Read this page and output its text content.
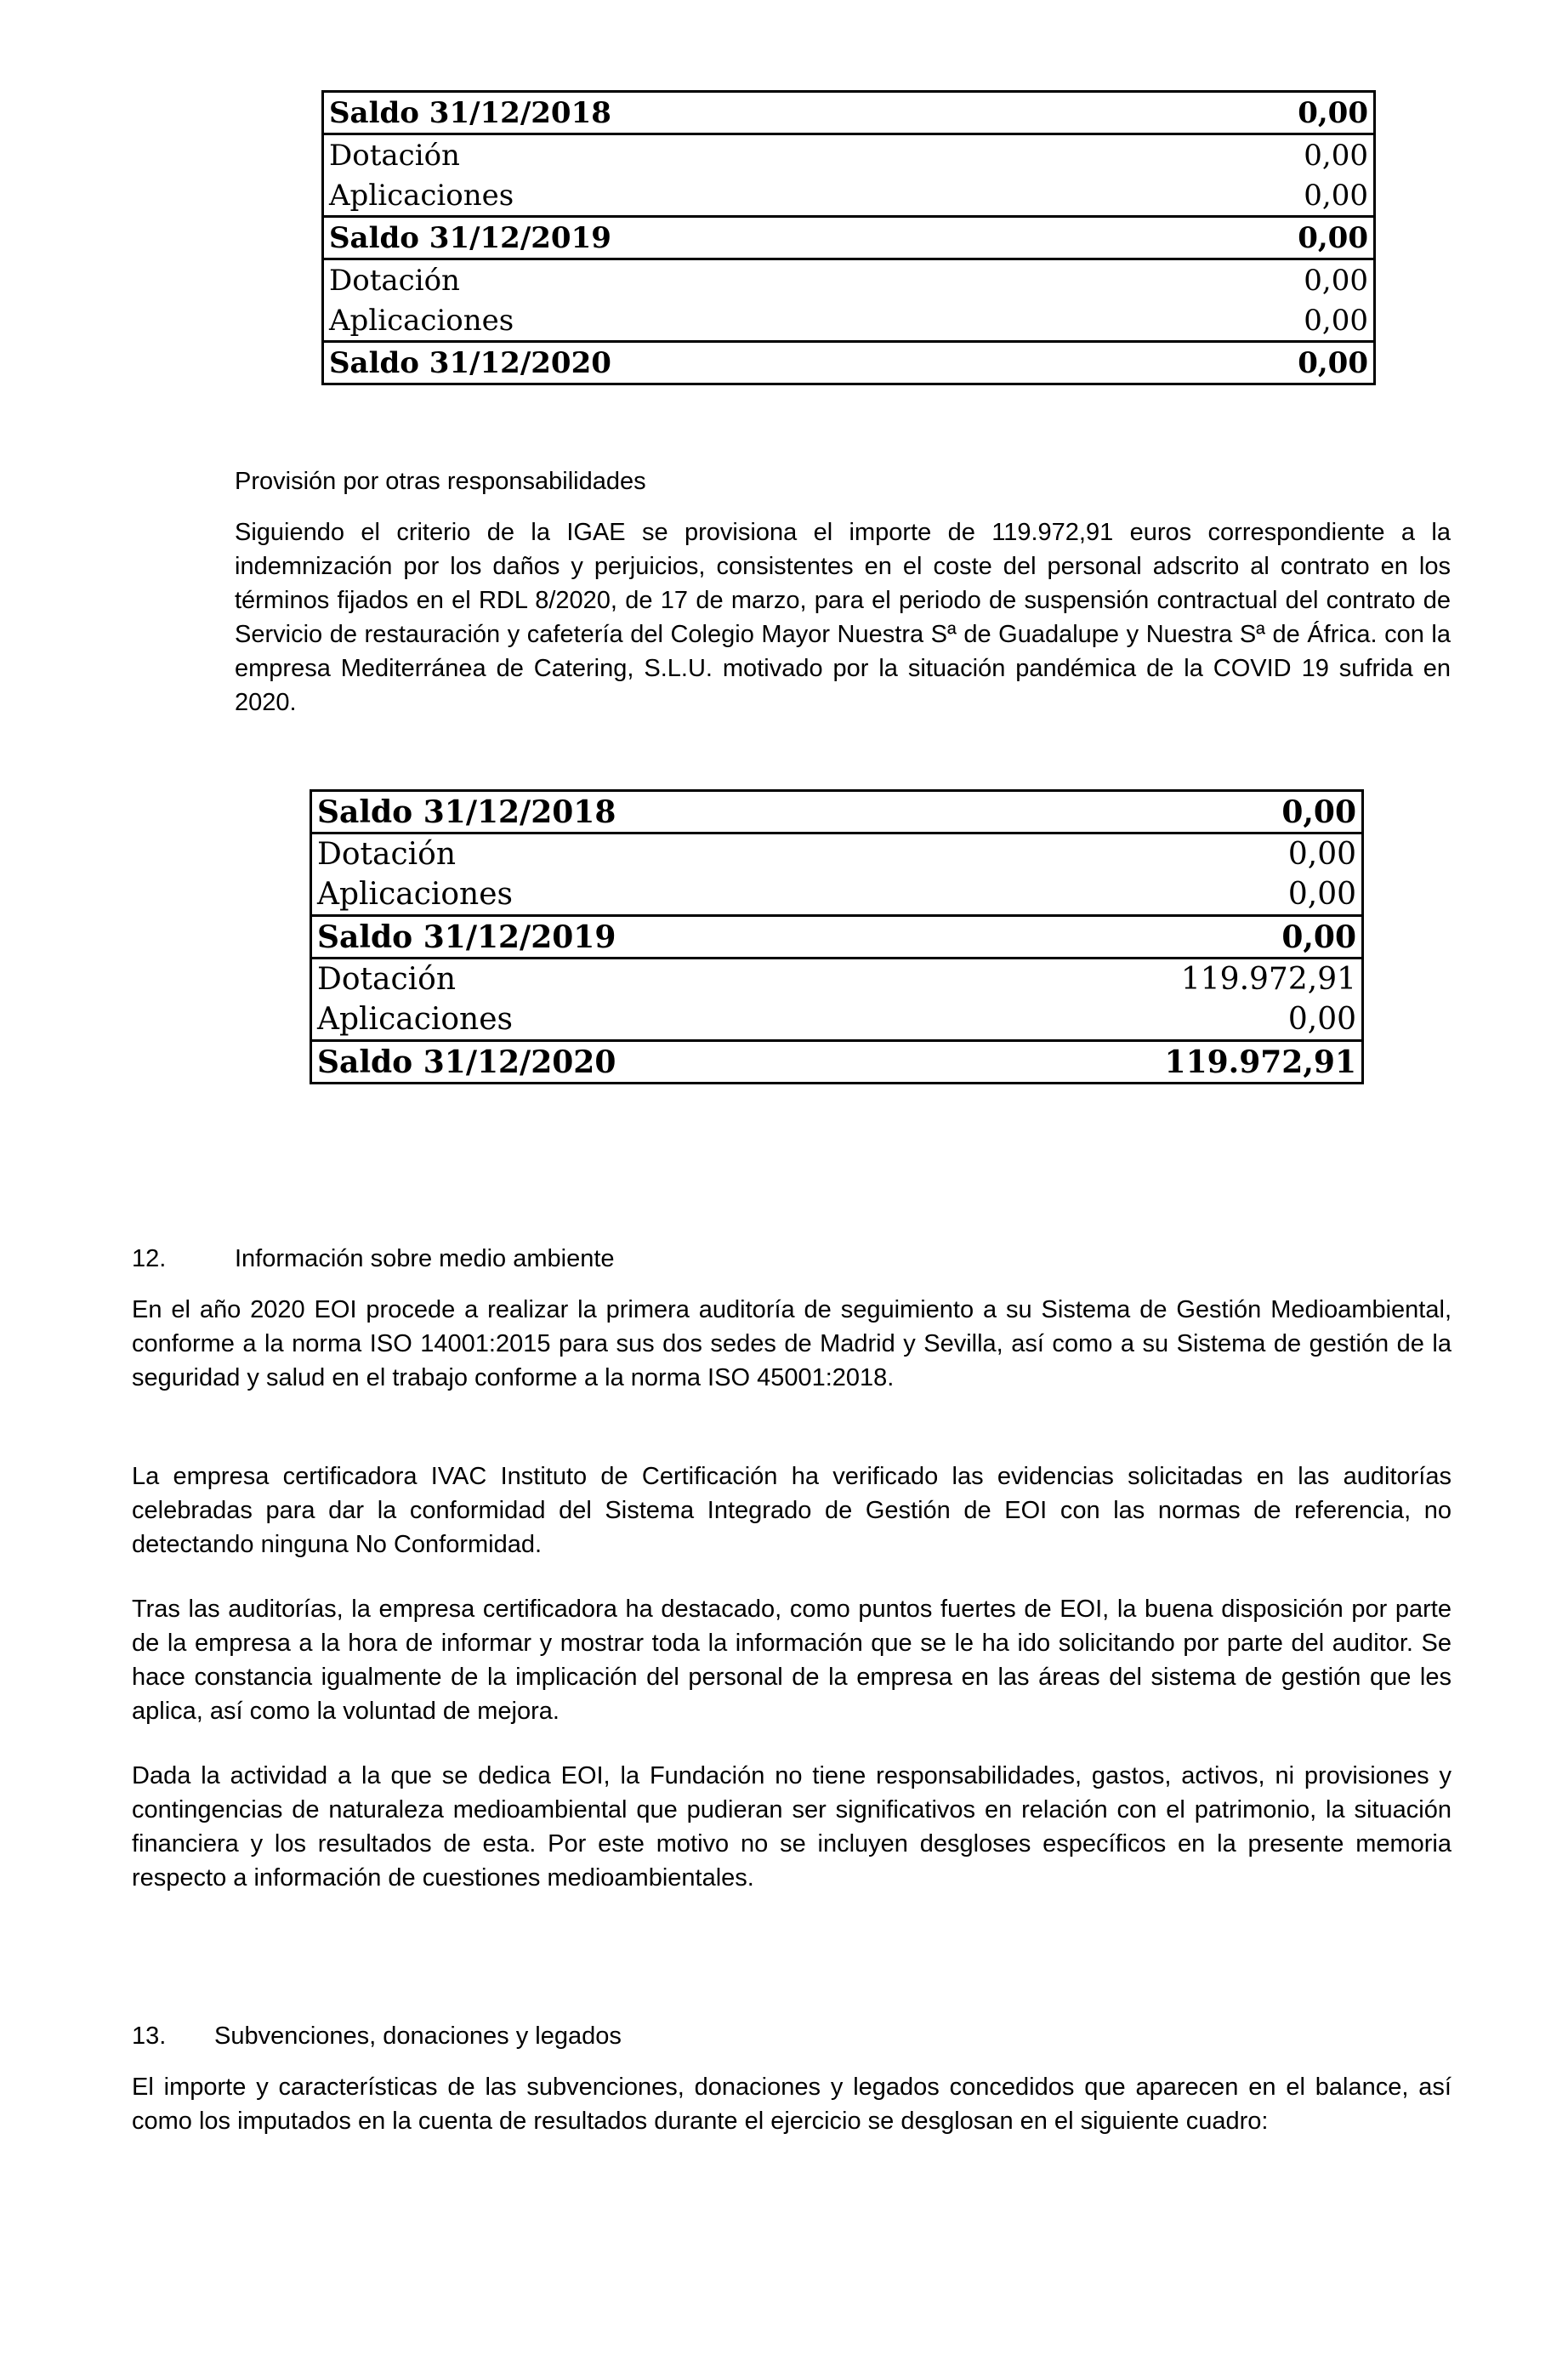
Saldo 31/12/2018	0,00
Dotación	0,00
Aplicaciones	0,00
Saldo 31/12/2019	0,00
Dotación	0,00
Aplicaciones	0,00
Saldo 31/12/2020	0,00

Provisión por otras responsabilidades

Siguiendo el criterio de la IGAE se provisiona el importe de 119.972,91 euros correspondiente a la indemnización por los daños y perjuicios, consistentes en el coste del personal adscrito al contrato en los términos fijados en el RDL 8/2020, de 17 de marzo, para el periodo de suspensión contractual del contrato de Servicio de restauración y cafetería del Colegio Mayor Nuestra Sª de Guadalupe y Nuestra Sª de África. con la empresa Mediterránea de Catering, S.L.U. motivado por la situación pandémica de la COVID 19 sufrida en 2020.

Saldo 31/12/2018	0,00
Dotación	0,00
Aplicaciones	0,00
Saldo 31/12/2019	0,00
Dotación	119.972,91
Aplicaciones	0,00
Saldo 31/12/2020	119.972,91
12.	Información sobre medio ambiente

En el año 2020 EOI procede a realizar la primera auditoría de seguimiento a su Sistema de Gestión Medioambiental, conforme a la norma ISO 14001:2015 para sus dos sedes de Madrid y Sevilla, así como a su Sistema de gestión de la seguridad y salud en el trabajo conforme a la norma ISO 45001:2018.

La empresa certificadora IVAC Instituto de Certificación ha verificado las evidencias solicitadas en las auditorías celebradas para dar la conformidad del Sistema Integrado de Gestión de EOI con las normas de referencia, no detectando ninguna No Conformidad.

Tras las auditorías, la empresa certificadora ha destacado, como puntos fuertes de EOI, la buena disposición por parte de la empresa a la hora de informar y mostrar toda la información que se le ha ido solicitando por parte del auditor. Se hace constancia igualmente de la implicación del personal de la empresa en las áreas del sistema de gestión que les aplica, así como la voluntad de mejora.

Dada la actividad a la que se dedica EOI, la Fundación no tiene responsabilidades, gastos, activos, ni provisiones y contingencias de naturaleza medioambiental que pudieran ser significativos en relación con el patrimonio, la situación financiera y los resultados de esta. Por este motivo no se incluyen desgloses específicos en la presente memoria respecto a información de cuestiones medioambientales.

13. Subvenciones, donaciones y legados

El importe y características de las subvenciones, donaciones y legados concedidos que aparecen en el balance, así como los imputados en la cuenta de resultados durante el ejercicio se desglosan en el siguiente cuadro:
